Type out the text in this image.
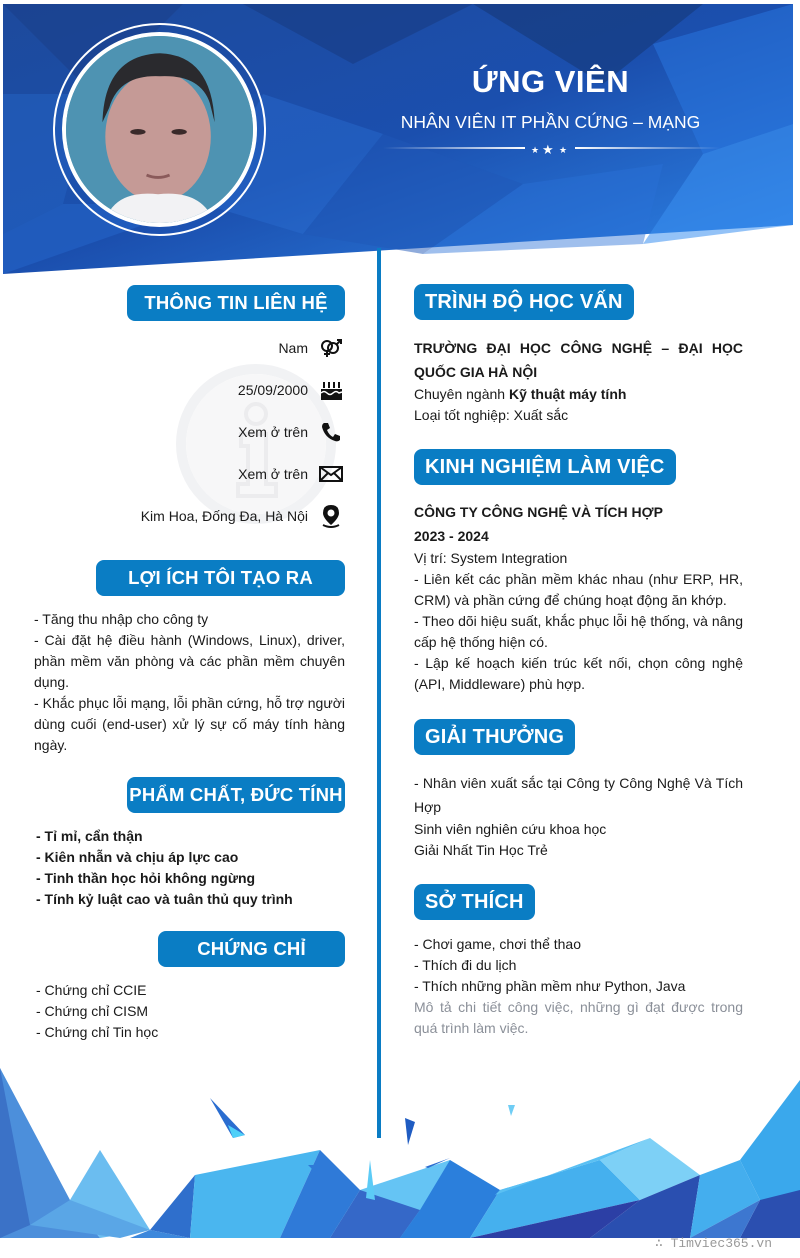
ỨNG VIÊN
NHÂN VIÊN IT PHẦN CỨNG – MẠNG
★ ★ ★
THÔNG TIN LIÊN HỆ
Nam
25/09/2000
Xem ở trên
Xem ở trên
Kim Hoa, Đống Đa, Hà Nội
LỢI ÍCH TÔI TẠO RA
- Tăng thu nhập cho công ty
- Cài đặt hệ điều hành (Windows, Linux), driver, phần mềm văn phòng và các phần mềm chuyên dụng.
- Khắc phục lỗi mạng, lỗi phần cứng, hỗ trợ người dùng cuối (end-user) xử lý sự cố máy tính hàng ngày.
PHẨM CHẤT, ĐỨC TÍNH
- Tỉ mỉ, cẩn thận
- Kiên nhẫn và chịu áp lực cao
- Tinh thần học hỏi không ngừng
- Tính kỷ luật cao và tuân thủ quy trình
CHỨNG CHỈ
- Chứng chỉ CCIE
- Chứng chỉ CISM
- Chứng chỉ Tin học
TRÌNH ĐỘ HỌC VẤN
TRƯỜNG ĐẠI HỌC CÔNG NGHỆ – ĐẠI HỌC QUỐC GIA HÀ NỘI
Chuyên ngành Kỹ thuật máy tính
Loại tốt nghiệp: Xuất sắc
KINH NGHIỆM LÀM VIỆC
CÔNG TY CÔNG NGHỆ VÀ TÍCH HỢP
2023 - 2024
Vị trí: System Integration
- Liên kết các phần mềm khác nhau (như ERP, HR, CRM) và phần cứng để chúng hoạt động ăn khớp.
- Theo dõi hiệu suất, khắc phục lỗi hệ thống, và nâng cấp hệ thống hiện có.
- Lập kế hoạch kiến trúc kết nối, chọn công nghệ (API, Middleware) phù hợp.
GIẢI THƯỞNG
- Nhân viên xuất sắc tại Công ty Công Nghệ Và Tích Hợp
Sinh viên nghiên cứu khoa học
Giải Nhất Tin Học Trẻ
SỞ THÍCH
- Chơi game, chơi thể thao
- Thích đi du lịch
- Thích những phần mềm như Python, Java
Mô tả chi tiết công việc, những gì đạt được trong quá trình làm việc.
∴ Timviec365.vn
